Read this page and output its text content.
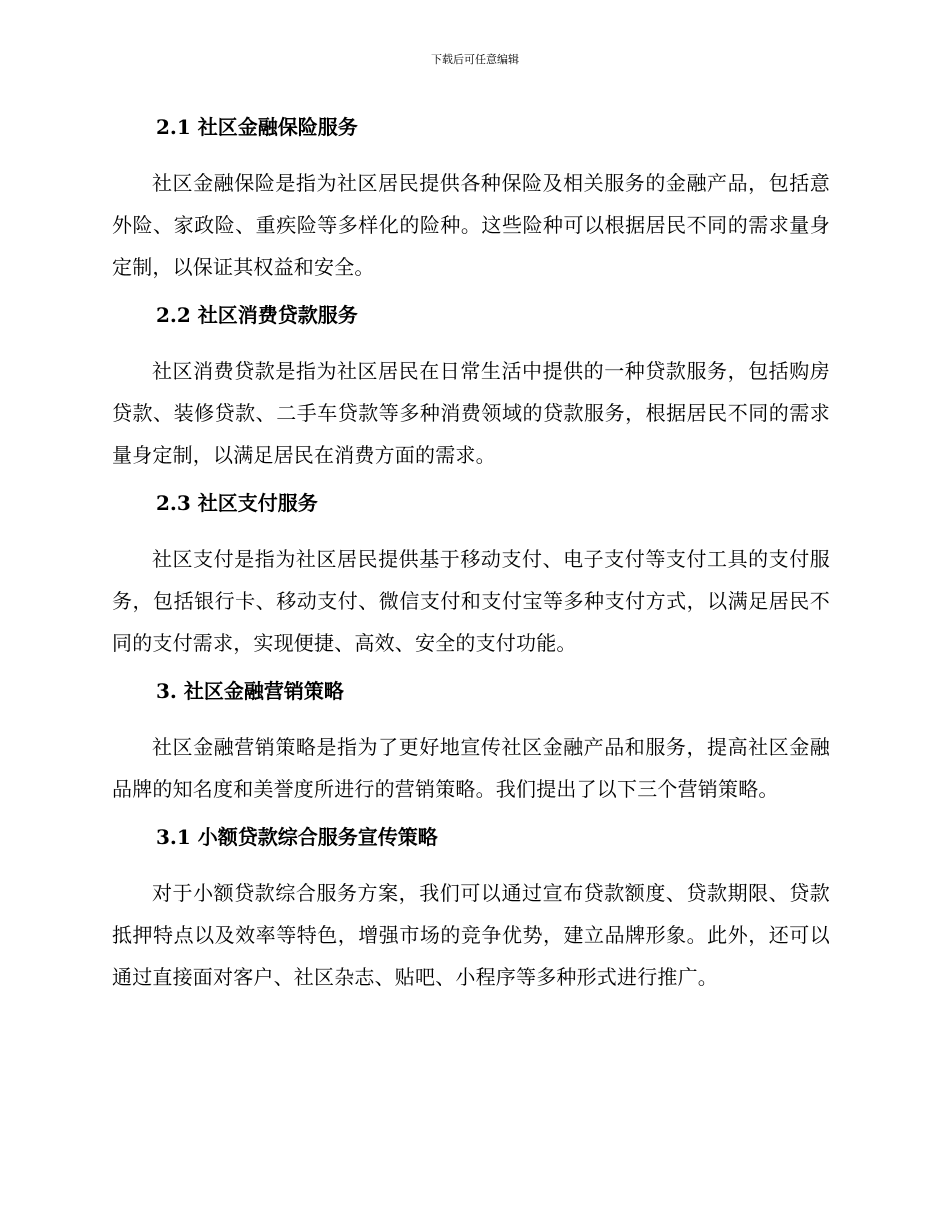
下载后可任意编辑
2.1 社区金融保险服务

社区金融保险是指为社区居民提供各种保险及相关服务的金融产品，包括意外险、家政险、重疾险等多样化的险种。这些险种可以根据居民不同的需求量身定制，以保证其权益和安全。

2.2 社区消费贷款服务

社区消费贷款是指为社区居民在日常生活中提供的一种贷款服务，包括购房贷款、装修贷款、二手车贷款等多种消费领域的贷款服务，根据居民不同的需求量身定制，以满足居民在消费方面的需求。

2.3 社区支付服务

社区支付是指为社区居民提供基于移动支付、电子支付等支付工具的支付服务，包括银行卡、移动支付、微信支付和支付宝等多种支付方式，以满足居民不同的支付需求，实现便捷、高效、安全的支付功能。

3. 社区金融营销策略

社区金融营销策略是指为了更好地宣传社区金融产品和服务，提高社区金融品牌的知名度和美誉度所进行的营销策略。我们提出了以下三个营销策略。

3.1 小额贷款综合服务宣传策略

对于小额贷款综合服务方案，我们可以通过宣布贷款额度、贷款期限、贷款抵押特点以及效率等特色，增强市场的竞争优势，建立品牌形象。此外，还可以通过直接面对客户、社区杂志、贴吧、小程序等多种形式进行推广。
